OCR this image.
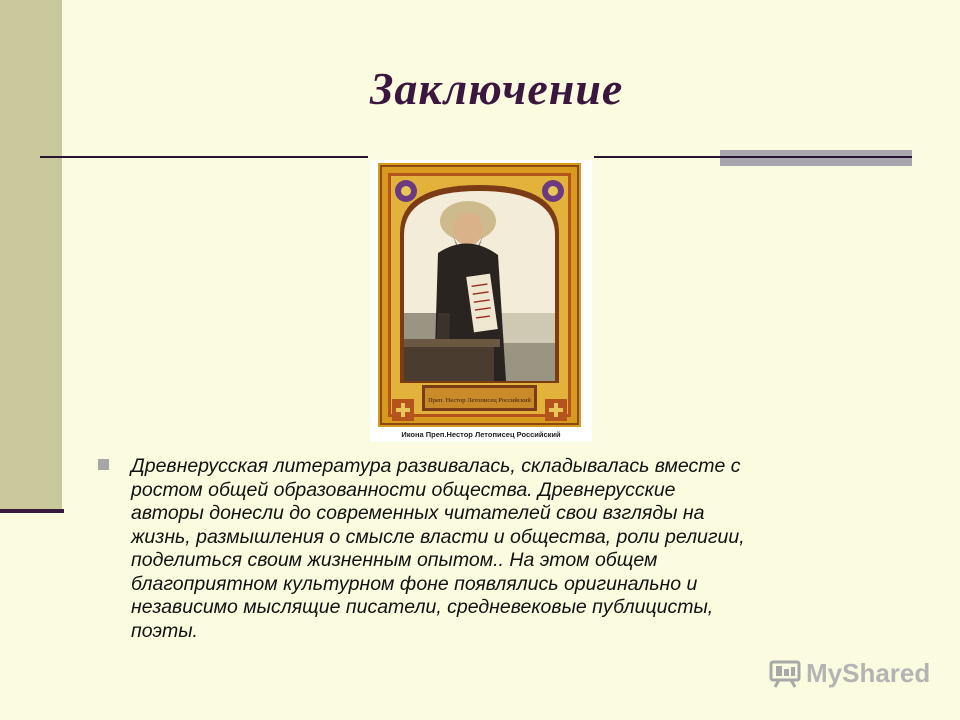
Заключение
Преп. Нестор Летописец Российский
Икона Преп.Нестор Летописец Российский
Древнерусская литература развивалась, складывалась вместе с
ростом общей образованности общества. Древнерусские
авторы донесли до современных читателей свои взгляды на
жизнь, размышления о смысле власти и общества, роли религии,
поделиться своим жизненным опытом.. На этом общем
благоприятном культурном фоне появлялись оригинально и
независимо мыслящие писатели, средневековые публицисты,
поэты.
MyShared
